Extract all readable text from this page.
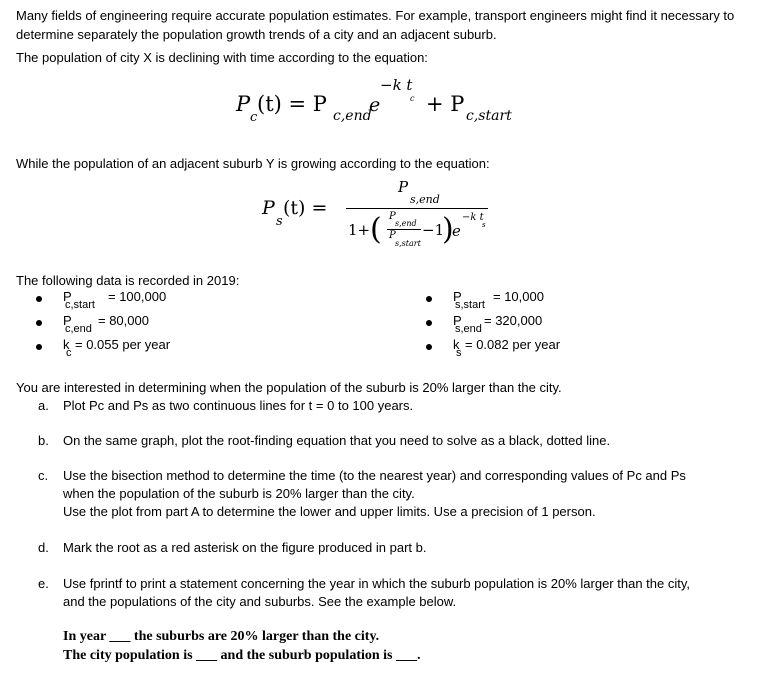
Many fields of engineering require accurate population estimates. For example, transport engineers might find it necessary to determine separately the population growth trends of a city and an adjacent suburb.
The population of city X is declining with time according to the equation:
P
c
(t) = P c,end
e
−k t
c + P c,start
While the population of an adjacent suburb Y is growing according to the equation:
P
s
(t) =
P
s,end
1+ ( P
s,end
P
s,start
−1
)
e
−k t
s
The following data is recorded in 2019:
P
c,start
= 100,000
P
c,end
= 80,000
k
c
= 0.055 per year
P
s,start
= 10,000
P
s,end
= 320,000
k
s
= 0.082 per year
You are interested in determining when the population of the suburb is 20% larger than the city.
a. Plot Pc and Ps as two continuous lines for t = 0 to 100 years.
b. On the same graph, plot the root-finding equation that you need to solve as a black, dotted line.
c. Use the bisection method to determine the time (to the nearest year) and corresponding values of Pc and Ps
when the population of the suburb is 20% larger than the city.
Use the plot from part A to determine the lower and upper limits. Use a precision of 1 person.
d. Mark the root as a red asterisk on the figure produced in part b.
e. Use fprintf to print a statement concerning the year in which the suburb population is 20% larger than the city,
and the populations of the city and suburbs. See the example below.
In year ___ the suburbs are 20% larger than the city.
The city population is ___ and the suburb population is ___.
